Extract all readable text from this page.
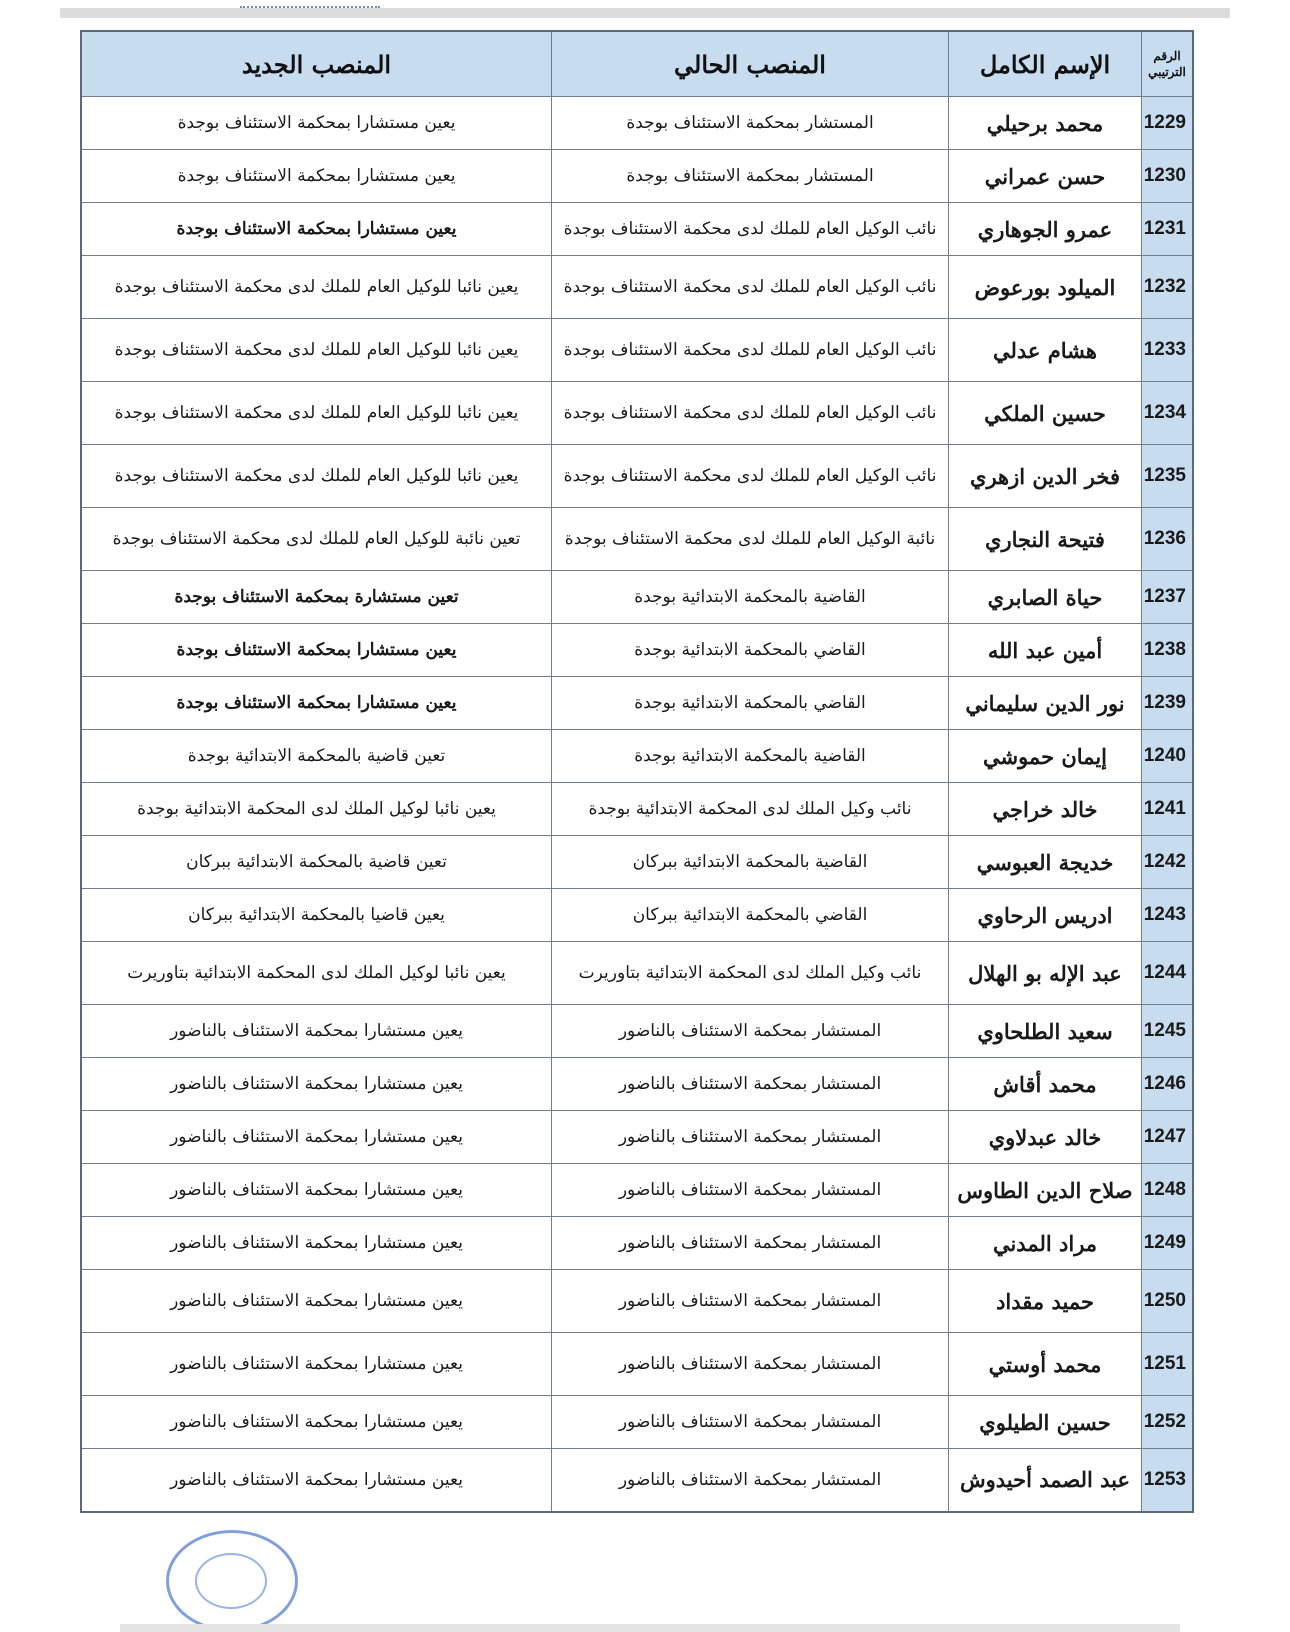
الرقم الترتيبي	الإسم الكامل	المنصب الحالي	المنصب الجديد
1229	محمد برحيلي	المستشار بمحكمة الاستئناف بوجدة	يعين مستشارا بمحكمة الاستئناف بوجدة
1230	حسن عمراني	المستشار بمحكمة الاستئناف بوجدة	يعين مستشارا بمحكمة الاستئناف بوجدة
1231	عمرو الجوهاري	نائب الوكيل العام للملك لدى محكمة الاستئناف بوجدة	يعين مستشارا بمحكمة الاستئناف بوجدة
1232	الميلود بورعوض	نائب الوكيل العام للملك لدى محكمة الاستئناف بوجدة	يعين نائبا للوكيل العام للملك لدى محكمة الاستئناف بوجدة
1233	هشام عدلي	نائب الوكيل العام للملك لدى محكمة الاستئناف بوجدة	يعين نائبا للوكيل العام للملك لدى محكمة الاستئناف بوجدة
1234	حسين الملكي	نائب الوكيل العام للملك لدى محكمة الاستئناف بوجدة	يعين نائبا للوكيل العام للملك لدى محكمة الاستئناف بوجدة
1235	فخر الدين ازهري	نائب الوكيل العام للملك لدى محكمة الاستئناف بوجدة	يعين نائبا للوكيل العام للملك لدى محكمة الاستئناف بوجدة
1236	فتيحة النجاري	نائبة الوكيل العام للملك لدى محكمة الاستئناف بوجدة	تعين نائبة للوكيل العام للملك لدى محكمة الاستئناف بوجدة
1237	حياة الصابري	القاضية بالمحكمة الابتدائية بوجدة	تعين مستشارة بمحكمة الاستئناف بوجدة
1238	أمين عبد الله	القاضي بالمحكمة الابتدائية بوجدة	يعين مستشارا بمحكمة الاستئناف بوجدة
1239	نور الدين سليماني	القاضي بالمحكمة الابتدائية بوجدة	يعين مستشارا بمحكمة الاستئناف بوجدة
1240	إيمان حموشي	القاضية بالمحكمة الابتدائية بوجدة	تعين قاضية بالمحكمة الابتدائية بوجدة
1241	خالد خراجي	نائب وكيل الملك لدى المحكمة الابتدائية بوجدة	يعين نائبا لوكيل الملك لدى المحكمة الابتدائية بوجدة
1242	خديجة العبوسي	القاضية بالمحكمة الابتدائية ببركان	تعين قاضية بالمحكمة الابتدائية ببركان
1243	ادريس الرحاوي	القاضي بالمحكمة الابتدائية ببركان	يعين قاضيا بالمحكمة الابتدائية ببركان
1244	عبد الإله بو الهلال	نائب وكيل الملك لدى المحكمة الابتدائية بتاوريرت	يعين نائبا لوكيل الملك لدى المحكمة الابتدائية بتاوريرت
1245	سعيد الطلحاوي	المستشار بمحكمة الاستئناف بالناضور	يعين مستشارا بمحكمة الاستئناف بالناضور
1246	محمد أقاش	المستشار بمحكمة الاستئناف بالناضور	يعين مستشارا بمحكمة الاستئناف بالناضور
1247	خالد عبدلاوي	المستشار بمحكمة الاستئناف بالناضور	يعين مستشارا بمحكمة الاستئناف بالناضور
1248	صلاح الدين الطاوس	المستشار بمحكمة الاستئناف بالناضور	يعين مستشارا بمحكمة الاستئناف بالناضور
1249	مراد المدني	المستشار بمحكمة الاستئناف بالناضور	يعين مستشارا بمحكمة الاستئناف بالناضور
1250	حميد مقداد	المستشار بمحكمة الاستئناف بالناضور	يعين مستشارا بمحكمة الاستئناف بالناضور
1251	محمد أوستي	المستشار بمحكمة الاستئناف بالناضور	يعين مستشارا بمحكمة الاستئناف بالناضور
1252	حسين الطيلوي	المستشار بمحكمة الاستئناف بالناضور	يعين مستشارا بمحكمة الاستئناف بالناضور
1253	عبد الصمد أحيدوش	المستشار بمحكمة الاستئناف بالناضور	يعين مستشارا بمحكمة الاستئناف بالناضور
